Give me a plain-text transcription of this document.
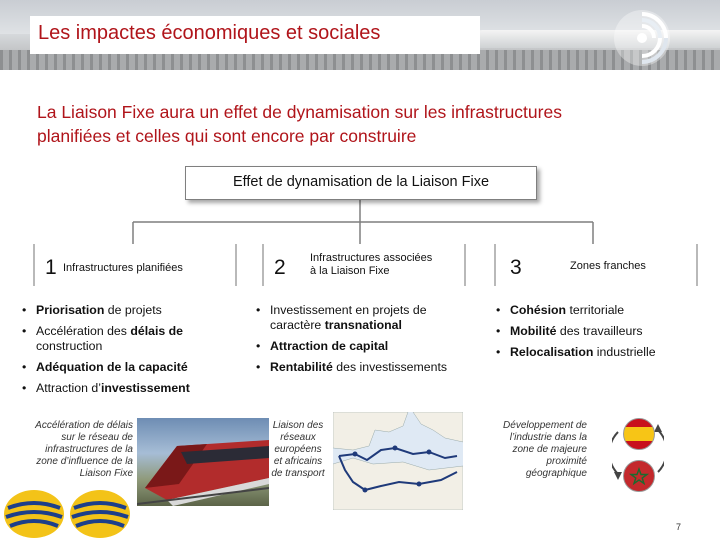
Les impactes économiques et sociales
La Liaison Fixe aura un effet de dynamisation sur les infrastructures
planifiées et celles qui sont encore par construire
Effet de dynamisation de la Liaison Fixe
1 Infrastructures planifiées	2 Infrastructures associées
à la Liaison Fixe	3	Zones franches
• Priorisation de projets
• Accélération des délais de construction
• Adéquation de la capacité
• Attraction d’investissement
• Investissement en projets de caractère transnational
• Attraction de capital
• Rentabilité des investissements
• Cohésion territoriale
• Mobilité des travailleurs
• Relocalisation industrielle
Accélération de délais
sur le réseau de
infrastructures de la
zone d’influence de la
Liaison Fixe
Liaison des
réseaux
européens
et africains
de transport
Développement de
l’industrie dans la
zone de majeure
proximité
géographique
7
